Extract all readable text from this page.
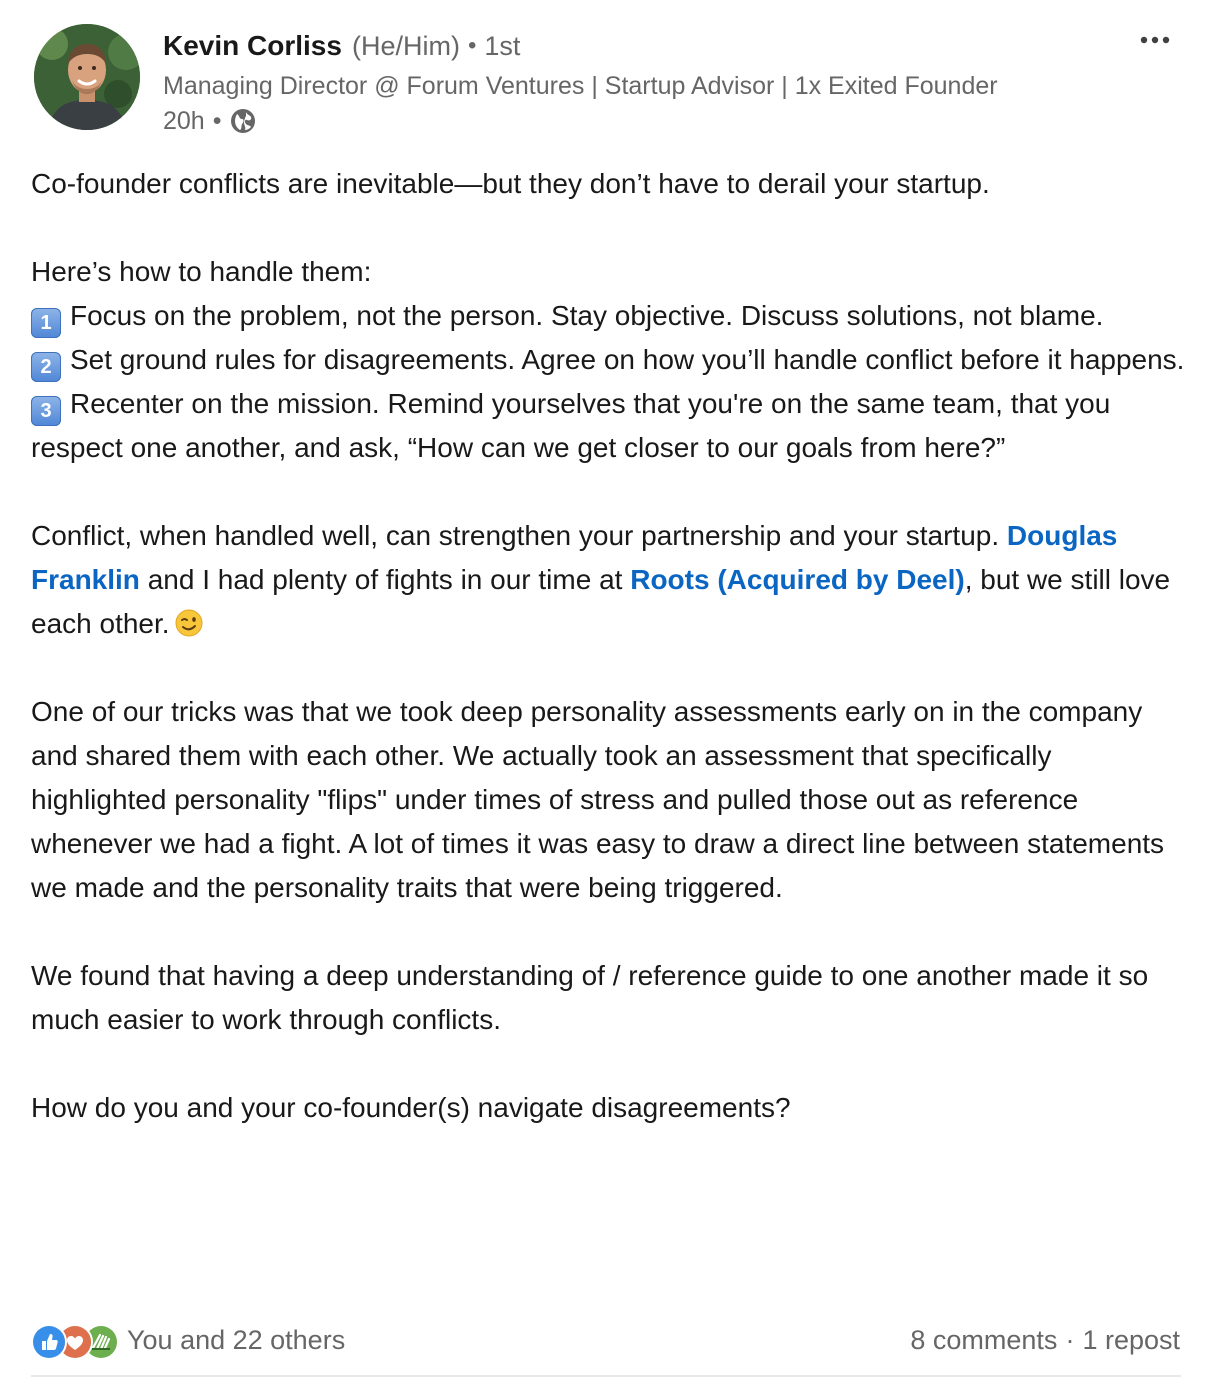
Kevin Corliss (He/Him) • 1st
Managing Director @ Forum Ventures | Startup Advisor | 1x Exited Founder
20h •

Co-founder conflicts are inevitable—but they don’t have to derail your startup.

Here’s how to handle them:

1 Focus on the problem, not the person. Stay objective. Discuss solutions, not blame.

2 Set ground rules for disagreements. Agree on how you’ll handle conflict before it happens.

3 Recenter on the mission. Remind yourselves that you're on the same team, that you respect one another, and ask, “How can we get closer to our goals from here?”

Conflict, when handled well, can strengthen your partnership and your startup. Douglas Franklin and I had plenty of fights in our time at Roots (Acquired by Deel), but we still love each other.

One of our tricks was that we took deep personality assessments early on in the company and shared them with each other. We actually took an assessment that specifically highlighted personality "flips" under times of stress and pulled those out as reference whenever we had a fight. A lot of times it was easy to draw a direct line between statements we made and the personality traits that were being triggered.

We found that having a deep understanding of / reference guide to one another made it so much easier to work through conflicts.

How do you and your co-founder(s) navigate disagreements?

You and 22 others	8 comments · 1 repost
